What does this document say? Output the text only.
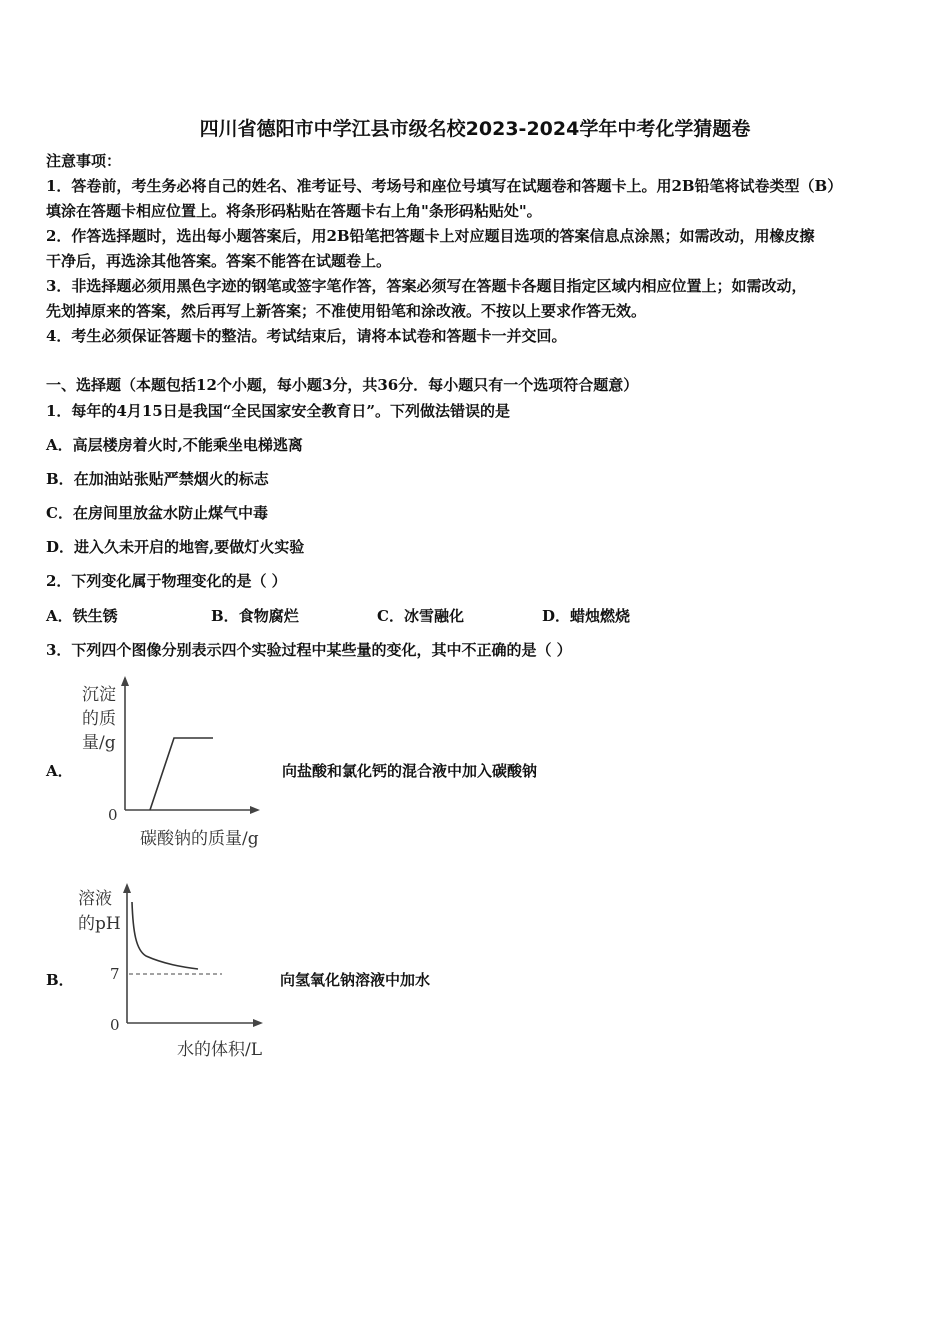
四川省德阳市中学江县市级名校2023-2024学年中考化学猜题卷
注意事项：
1．答卷前，考生务必将自己的姓名、准考证号、考场号和座位号填写在试题卷和答题卡上。用2B铅笔将试卷类型（B）
填涂在答题卡相应位置上。将条形码粘贴在答题卡右上角"条形码粘贴处"。
2．作答选择题时，选出每小题答案后，用2B铅笔把答题卡上对应题目选项的答案信息点涂黑；如需改动，用橡皮擦
干净后，再选涂其他答案。答案不能答在试题卷上。
3．非选择题必须用黑色字迹的钢笔或签字笔作答，答案必须写在答题卡各题目指定区域内相应位置上；如需改动，
先划掉原来的答案，然后再写上新答案；不准使用铅笔和涂改液。不按以上要求作答无效。
4．考生必须保证答题卡的整洁。考试结束后，请将本试卷和答题卡一并交回。
一、选择题（本题包括12个小题，每小题3分，共36分．每小题只有一个选项符合题意）
1．每年的4月15日是我国“全民国家安全教育日”。下列做法错误的是
A．高层楼房着火时,不能乘坐电梯逃离
B．在加油站张贴严禁烟火的标志
C．在房间里放盆水防止煤气中毒
D．进入久未开启的地窖,要做灯火实验
2．下列变化属于物理变化的是（ ）
A．铁生锈	B．食物腐烂	C．冰雪融化	D．蜡烛燃烧
3．下列四个图像分别表示四个实验过程中某些量的变化，其中不正确的是（ ）
A．
沉淀
的质
量/g
0
碳酸钠的质量/g
向盐酸和氯化钙的混合液中加入碳酸钠
B．
溶液
的pH
0
7
水的体积/L
向氢氧化钠溶液中加水
